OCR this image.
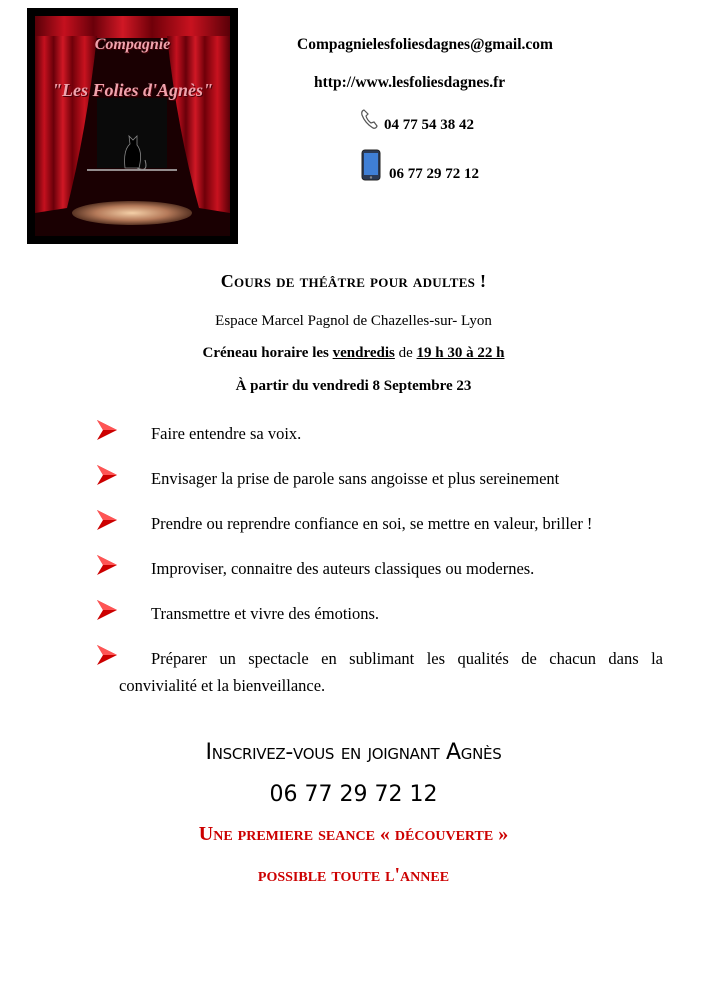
Compagnie
"Les Folies d'Agnès"
Compagnielesfoliesdagnes@gmail.com
http://www.lesfoliesdagnes.fr
04 77 54 38 42
06 77 29 72 12
Cours de théâtre pour adultes !
Espace Marcel Pagnol de Chazelles-sur- Lyon
Créneau horaire les vendredis de 19 h 30 à 22 h
À partir du vendredi 8 Septembre 23
Faire entendre sa voix.
Envisager la prise de parole sans angoisse et plus sereinement
Prendre ou reprendre confiance en soi, se mettre en valeur, briller !
Improviser, connaitre des auteurs classiques ou modernes.
Transmettre et vivre des émotions.
Préparer un spectacle en sublimant les qualités de chacun dans la
convivialité et la bienveillance.
Inscrivez-vous en joignant Agnès
06 77 29 72 12
Une premiere seance « découverte »
possible toute l'annee
